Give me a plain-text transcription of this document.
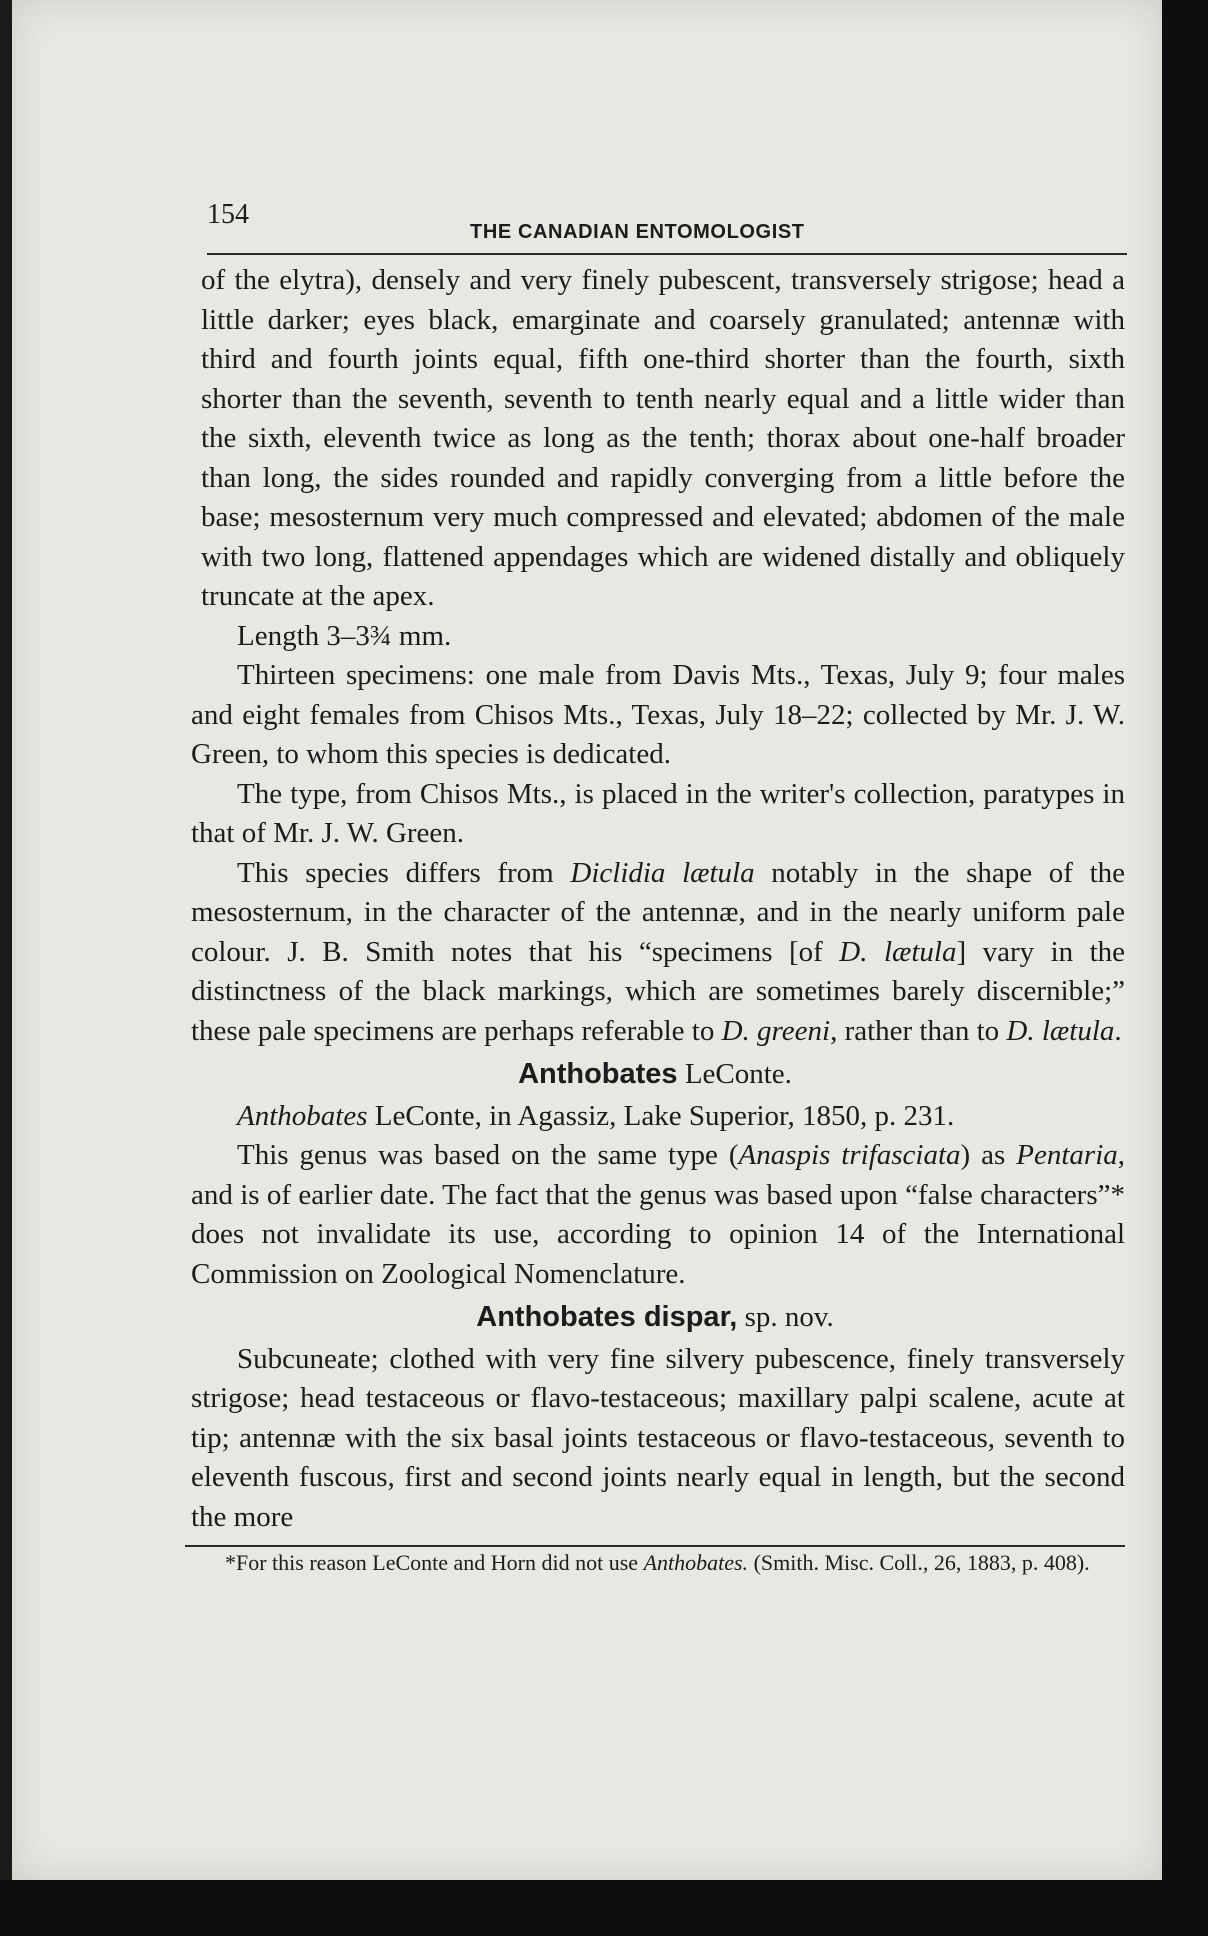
154
THE CANADIAN ENTOMOLOGIST

of the elytra), densely and very finely pubescent, transversely strigose; head a little darker; eyes black, emarginate and coarsely granulated; antennæ with third and fourth joints equal, fifth one-third shorter than the fourth, sixth shorter than the seventh, seventh to tenth nearly equal and a little wider than the sixth, eleventh twice as long as the tenth; thorax about one-half broader than long, the sides rounded and rapidly converging from a little before the base; mesosternum very much compressed and elevated; abdomen of the male with two long, flattened appendages which are widened distally and obliquely truncate at the apex.

Length 3–3¾ mm.

Thirteen specimens: one male from Davis Mts., Texas, July 9; four males and eight females from Chisos Mts., Texas, July 18–22; collected by Mr. J. W. Green, to whom this species is dedicated.

The type, from Chisos Mts., is placed in the writer's collection, paratypes in that of Mr. J. W. Green.

This species differs from Diclidia lætula notably in the shape of the mesosternum, in the character of the antennæ, and in the nearly uniform pale colour. J. B. Smith notes that his “specimens [of D. lætula] vary in the distinctness of the black markings, which are sometimes barely discernible;” these pale specimens are perhaps referable to D. greeni, rather than to D. lætula.

Anthobates LeConte.

Anthobates LeConte, in Agassiz, Lake Superior, 1850, p. 231.

This genus was based on the same type (Anaspis trifasciata) as Pentaria, and is of earlier date. The fact that the genus was based upon “false characters”* does not invalidate its use, according to opinion 14 of the International Commission on Zoological Nomenclature.

Anthobates dispar, sp. nov.

Subcuneate; clothed with very fine silvery pubescence, finely transversely strigose; head testaceous or flavo-testaceous; maxillary palpi scalene, acute at tip; antennæ with the six basal joints testaceous or flavo-testaceous, seventh to eleventh fuscous, first and second joints nearly equal in length, but the second the more

*For this reason LeConte and Horn did not use Anthobates. (Smith. Misc. Coll., 26, 1883, p. 408).
